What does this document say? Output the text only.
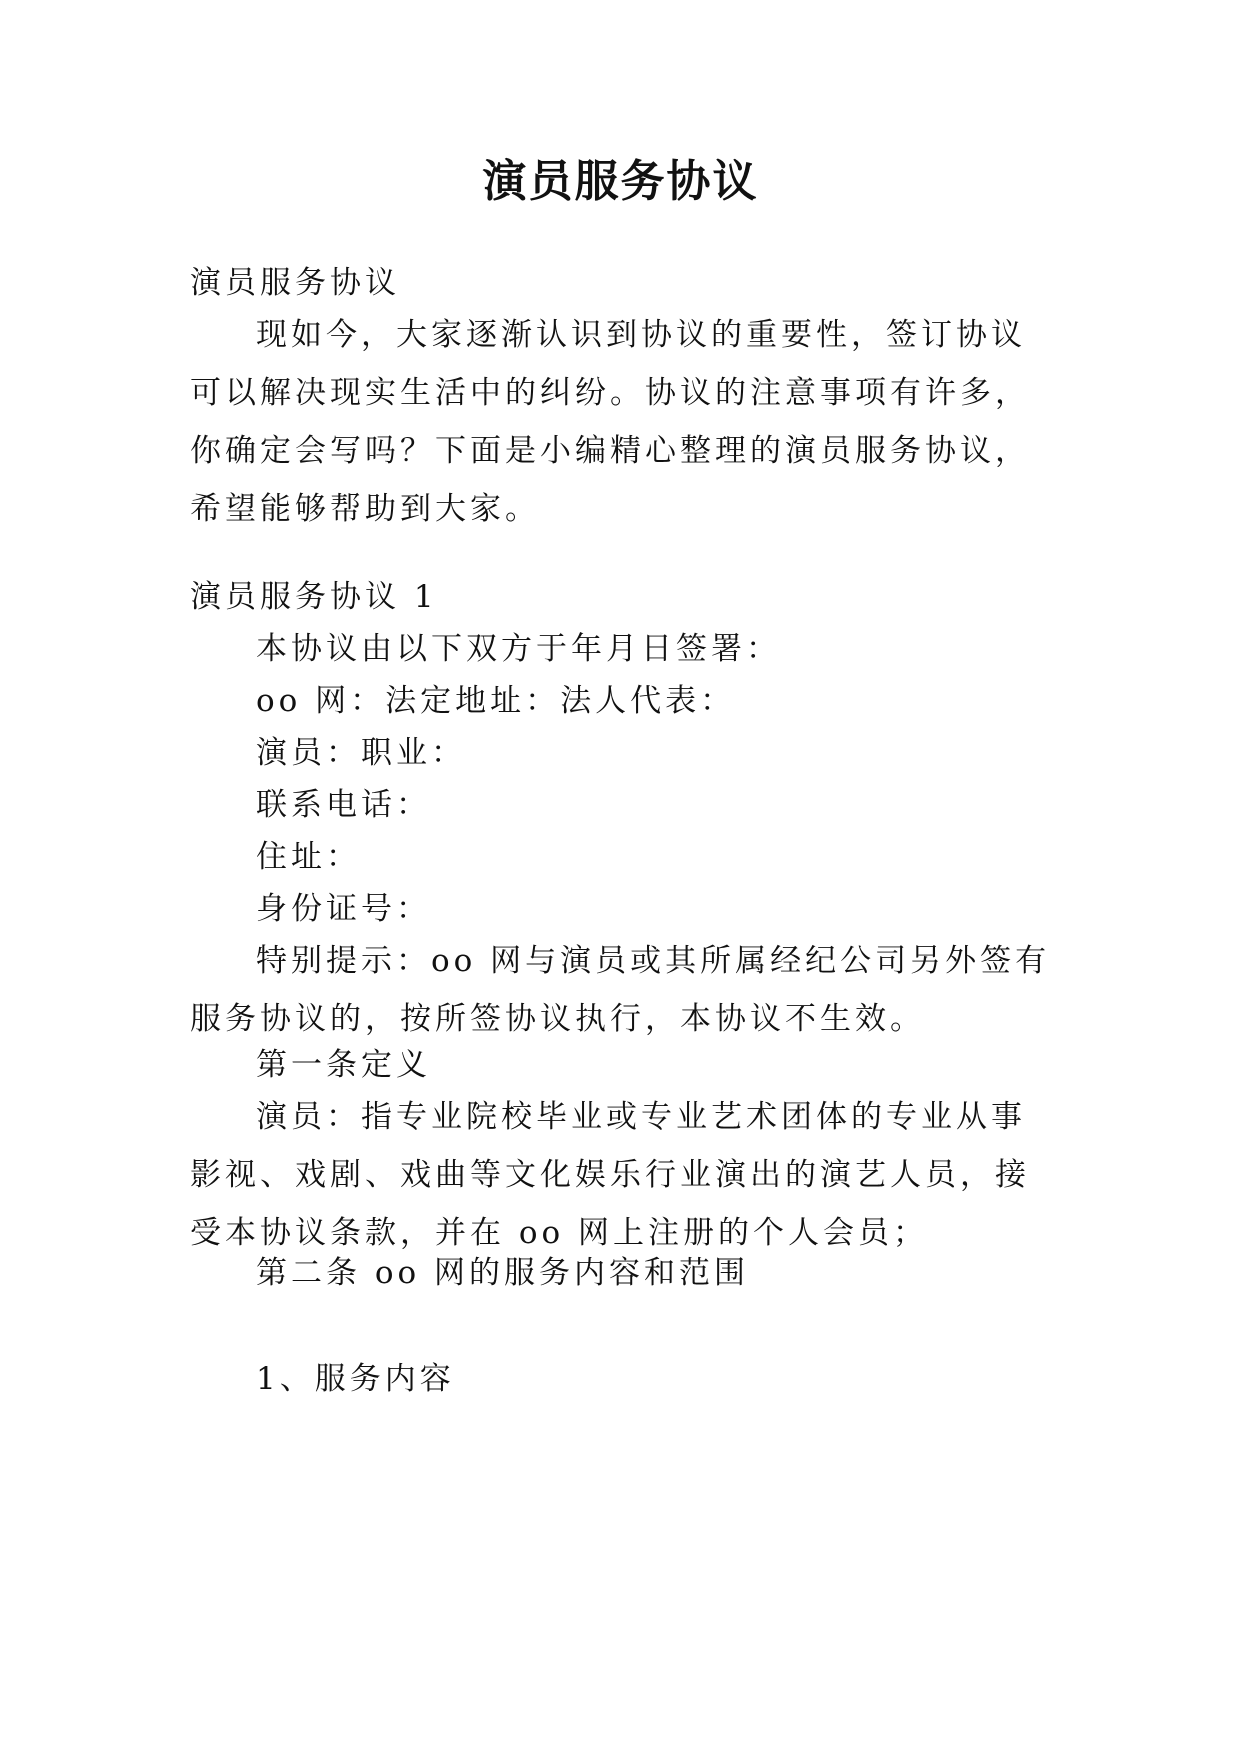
演员服务协议
演员服务协议

现如今，大家逐渐认识到协议的重要性，签订协议可以解决现实生活中的纠纷。协议的注意事项有许多，你确定会写吗？下面是小编精心整理的演员服务协议，希望能够帮助到大家。

演员服务协议 1
本协议由以下双方于年月日签署：
oo 网：法定地址：法人代表：
演员：职业：
联系电话：
住址：
身份证号：

特别提示：oo 网与演员或其所属经纪公司另外签有服务协议的，按所签协议执行，本协议不生效。

第一条定义

演员：指专业院校毕业或专业艺术团体的专业从事影视、戏剧、戏曲等文化娱乐行业演出的演艺人员，接受本协议条款，并在 oo 网上注册的个人会员；

第二条 oo 网的服务内容和范围
1、服务内容
